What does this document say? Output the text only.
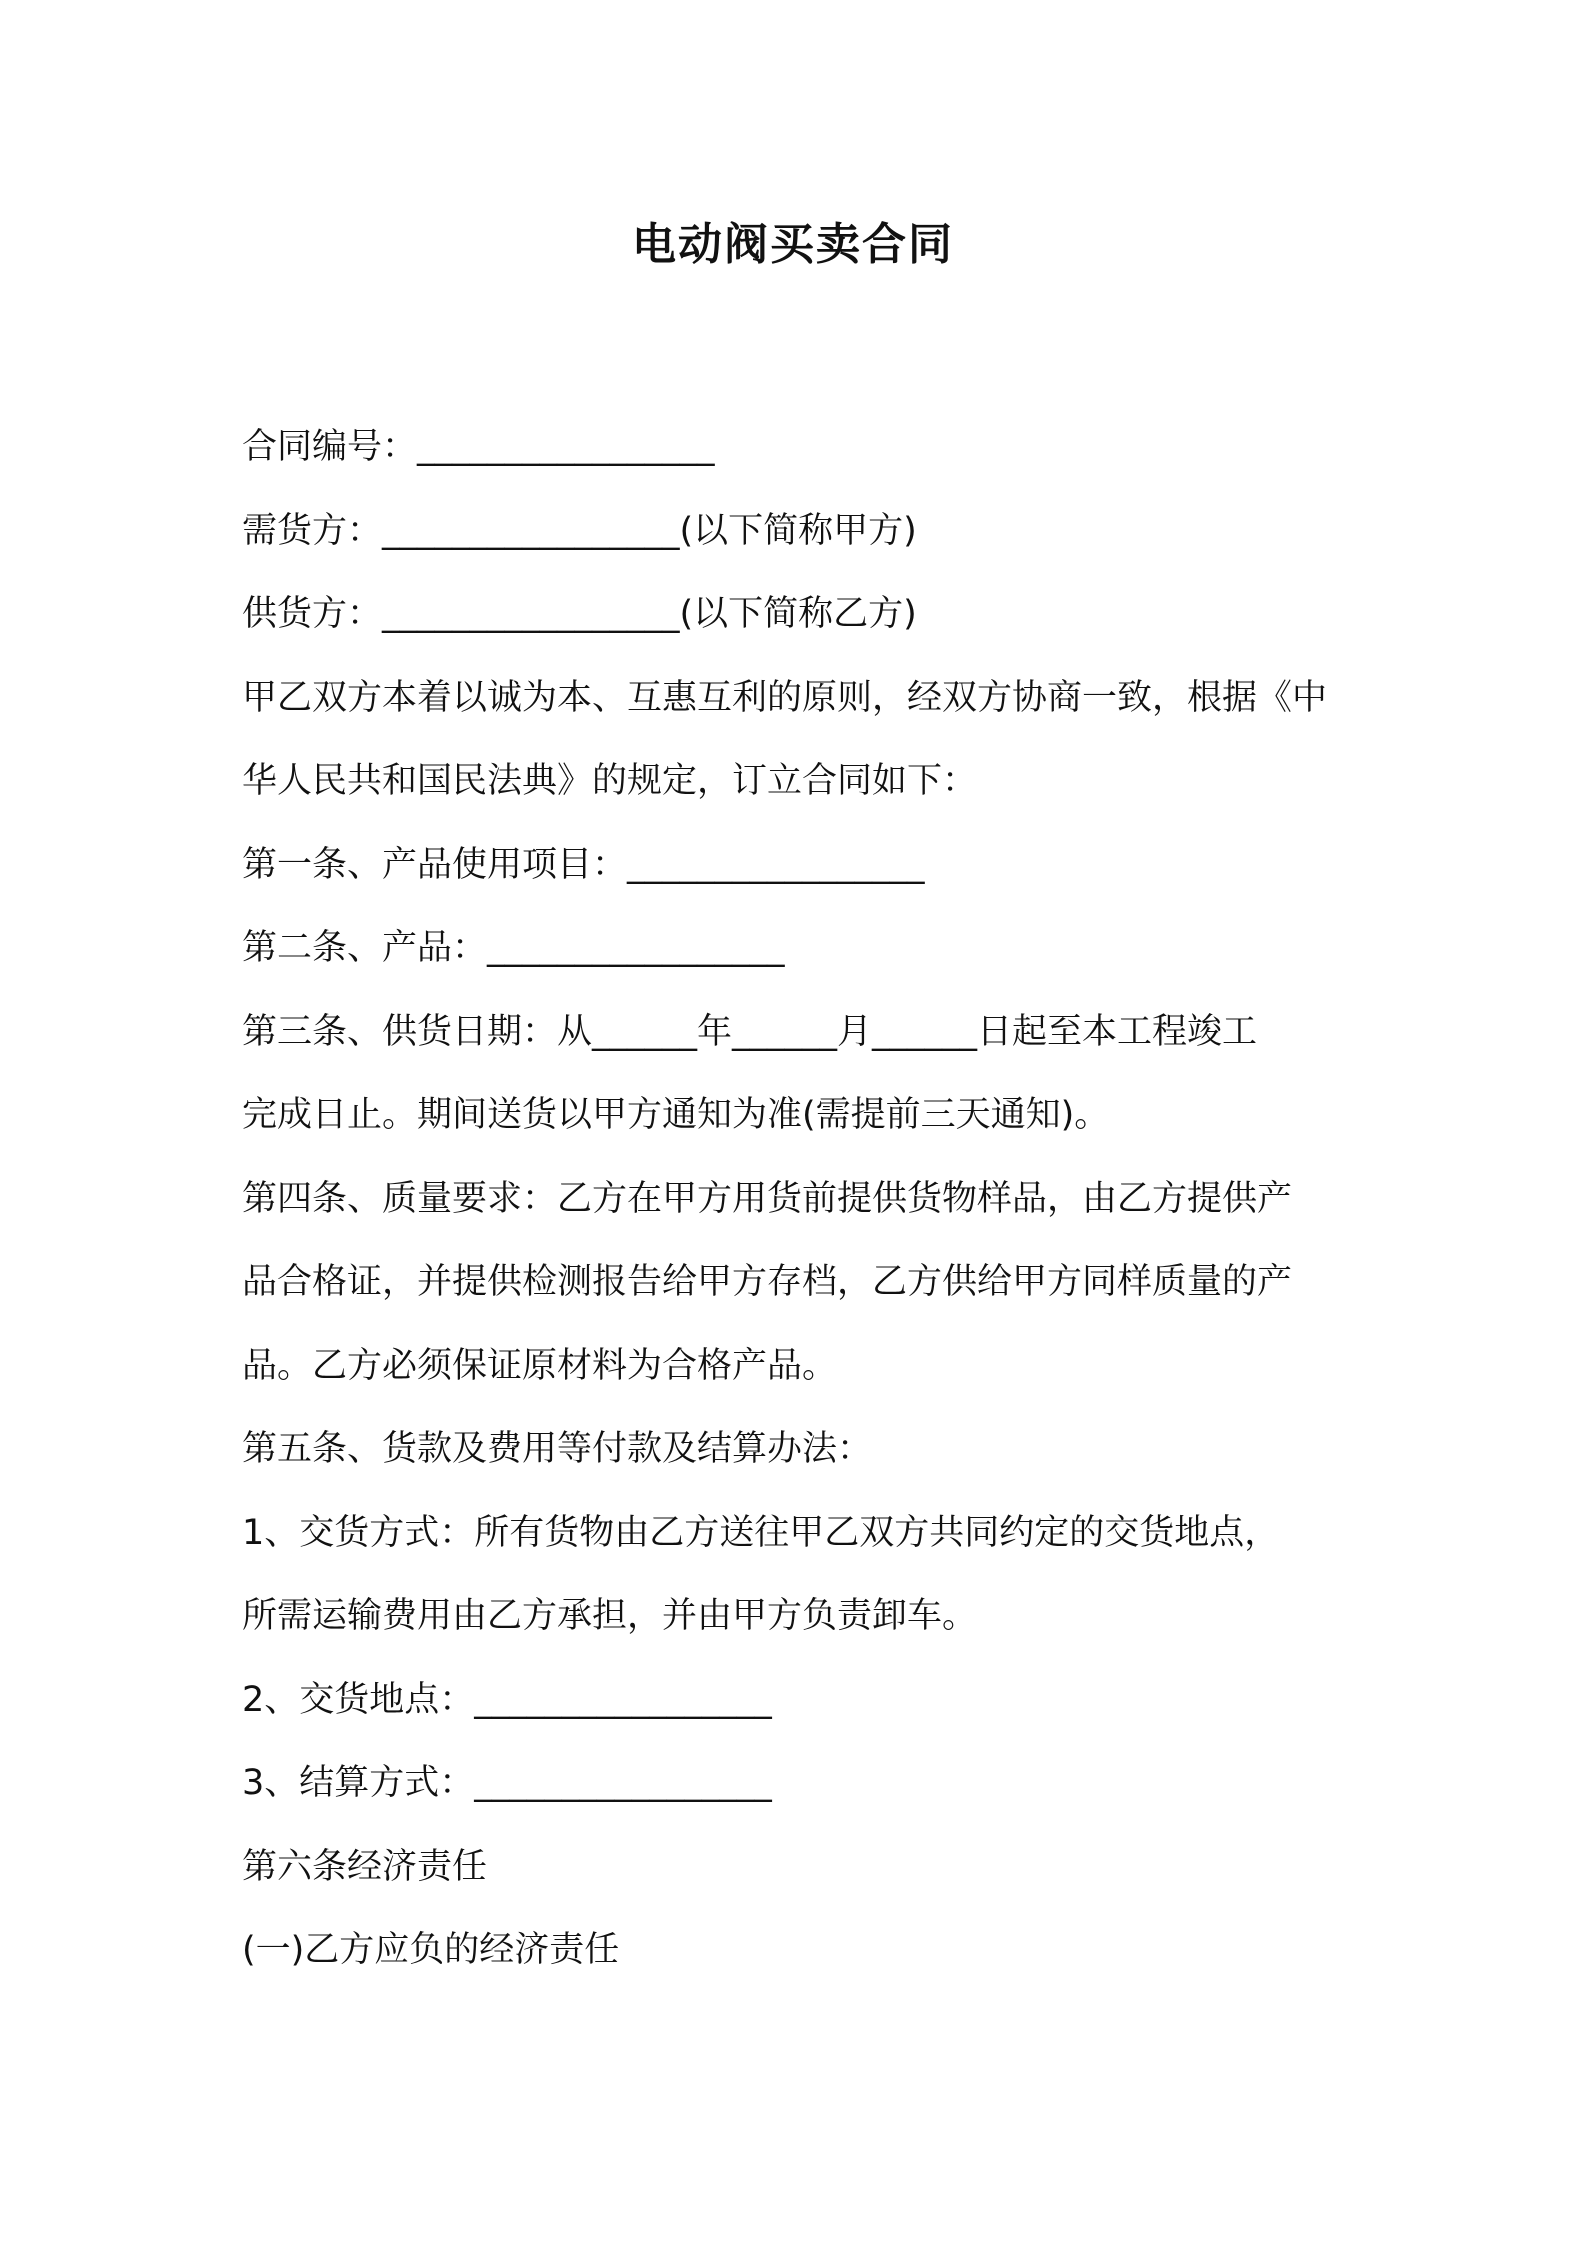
电动阀买卖合同
合同编号：_________________
需货方：_________________(以下简称甲方)
供货方：_________________(以下简称乙方)
甲乙双方本着以诚为本、互惠互利的原则，经双方协商一致，根据《中
华人民共和国民法典》的规定，订立合同如下：
第一条、产品使用项目：_________________
第二条、产品：_________________
第三条、供货日期：从______年______月______日起至本工程竣工
完成日止。期间送货以甲方通知为准(需提前三天通知)。
第四条、质量要求：乙方在甲方用货前提供货物样品，由乙方提供产
品合格证，并提供检测报告给甲方存档，乙方供给甲方同样质量的产
品。乙方必须保证原材料为合格产品。
第五条、货款及费用等付款及结算办法：
1、交货方式：所有货物由乙方送往甲乙双方共同约定的交货地点，
所需运输费用由乙方承担，并由甲方负责卸车。
2、交货地点：_________________
3、结算方式：_________________
第六条经济责任
(一)乙方应负的经济责任
